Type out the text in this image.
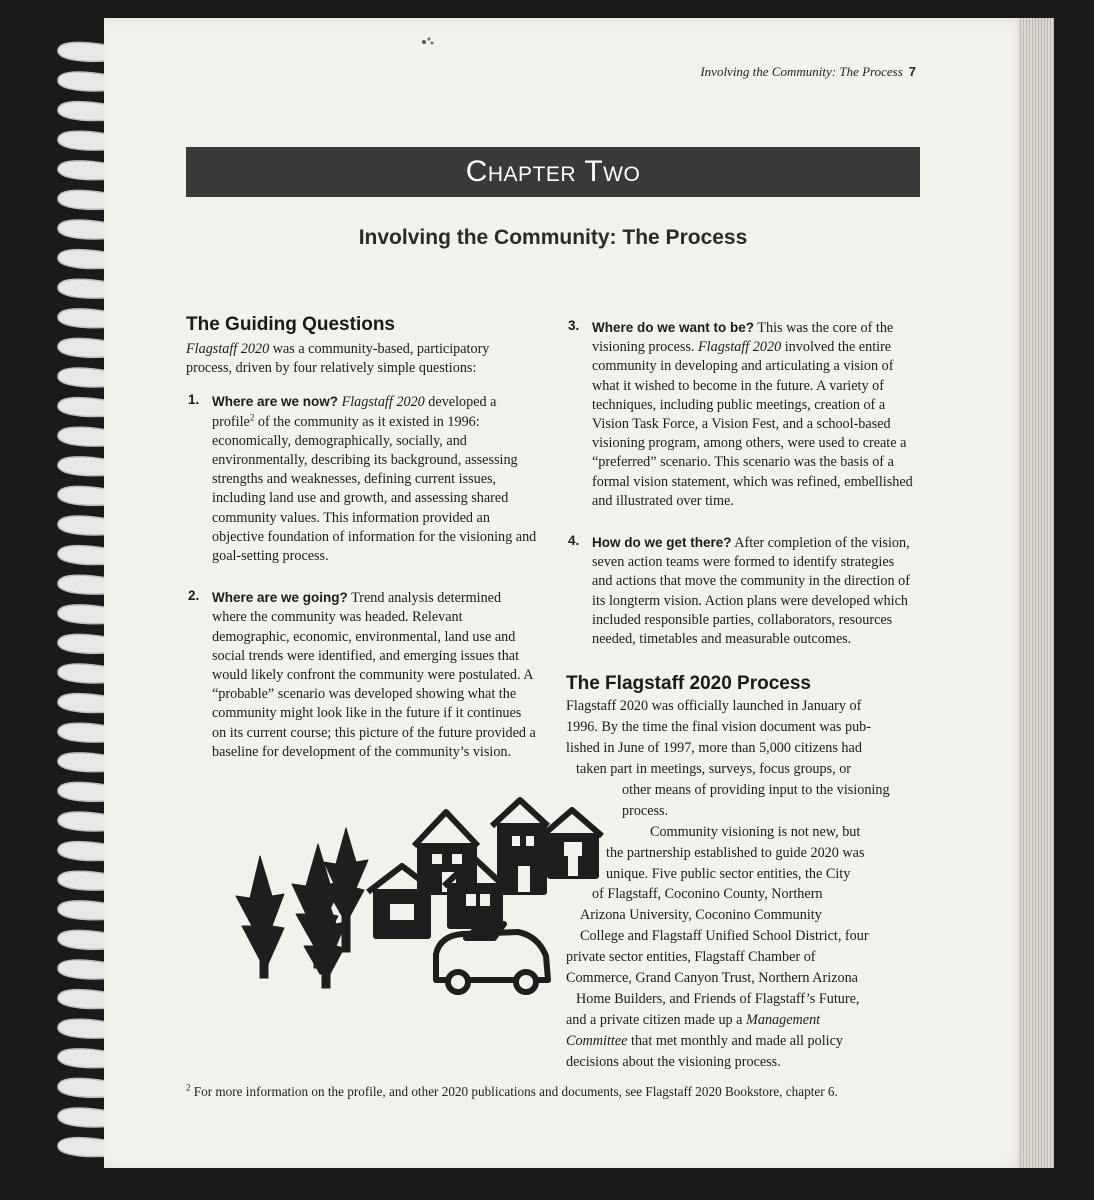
Involving the Community: The Process 7
Chapter Two
Involving the Community: The Process
The Guiding Questions

Flagstaff 2020 was a community-based, participatory process, driven by four relatively simple questions:

1. Where are we now? Flagstaff 2020 developed a profile$^2$ of the community as it existed in 1996: economically, demographically, socially, and environmentally, describing its background, assessing strengths and weaknesses, defining current issues, including land use and growth, and assessing shared community values. This information provided an objective foundation of information for the visioning and goal-setting process.

2. Where are we going? Trend analysis determined where the community was headed. Relevant demographic, economic, environmental, land use and social trends were identified, and emerging issues that would likely confront the community were postulated. A “probable” scenario was developed showing what the community might look like in the future if it continues on its current course; this picture of the future provided a baseline for development of the community’s vision.

3. Where do we want to be? This was the core of the visioning process. Flagstaff 2020 involved the entire community in developing and articulating a vision of what it wished to become in the future. A variety of techniques, including public meetings, creation of a Vision Task Force, a Vision Fest, and a school-based visioning program, among others, were used to create a “preferred” scenario. This scenario was the basis of a formal vision statement, which was refined, embellished and illustrated over time.

4. How do we get there? After completion of the vision, seven action teams were formed to identify strategies and actions that move the community in the direction of its longterm vision. Action plans were developed which included responsible parties, collaborators, resources needed, timetables and measurable outcomes.

The Flagstaff 2020 Process

Flagstaff 2020 was officially launched in January of

1996. By the time the final vision document was pub-

lished in June of 1997, more than 5,000 citizens had

taken part in meetings, surveys, focus groups, or

other means of providing input to the visioning

process.

Community visioning is not new, but

the partnership established to guide 2020 was

unique. Five public sector entities, the City

of Flagstaff, Coconino County, Northern

Arizona University, Coconino Community

College and Flagstaff Unified School District, four

private sector entities, Flagstaff Chamber of

Commerce, Grand Canyon Trust, Northern Arizona

Home Builders, and Friends of Flagstaff’s Future,

and a private citizen made up a Management

Committee that met monthly and made all policy

decisions about the visioning process.

$^2$ For more information on the profile, and other 2020 publications and documents, see Flagstaff 2020 Bookstore, chapter 6.
